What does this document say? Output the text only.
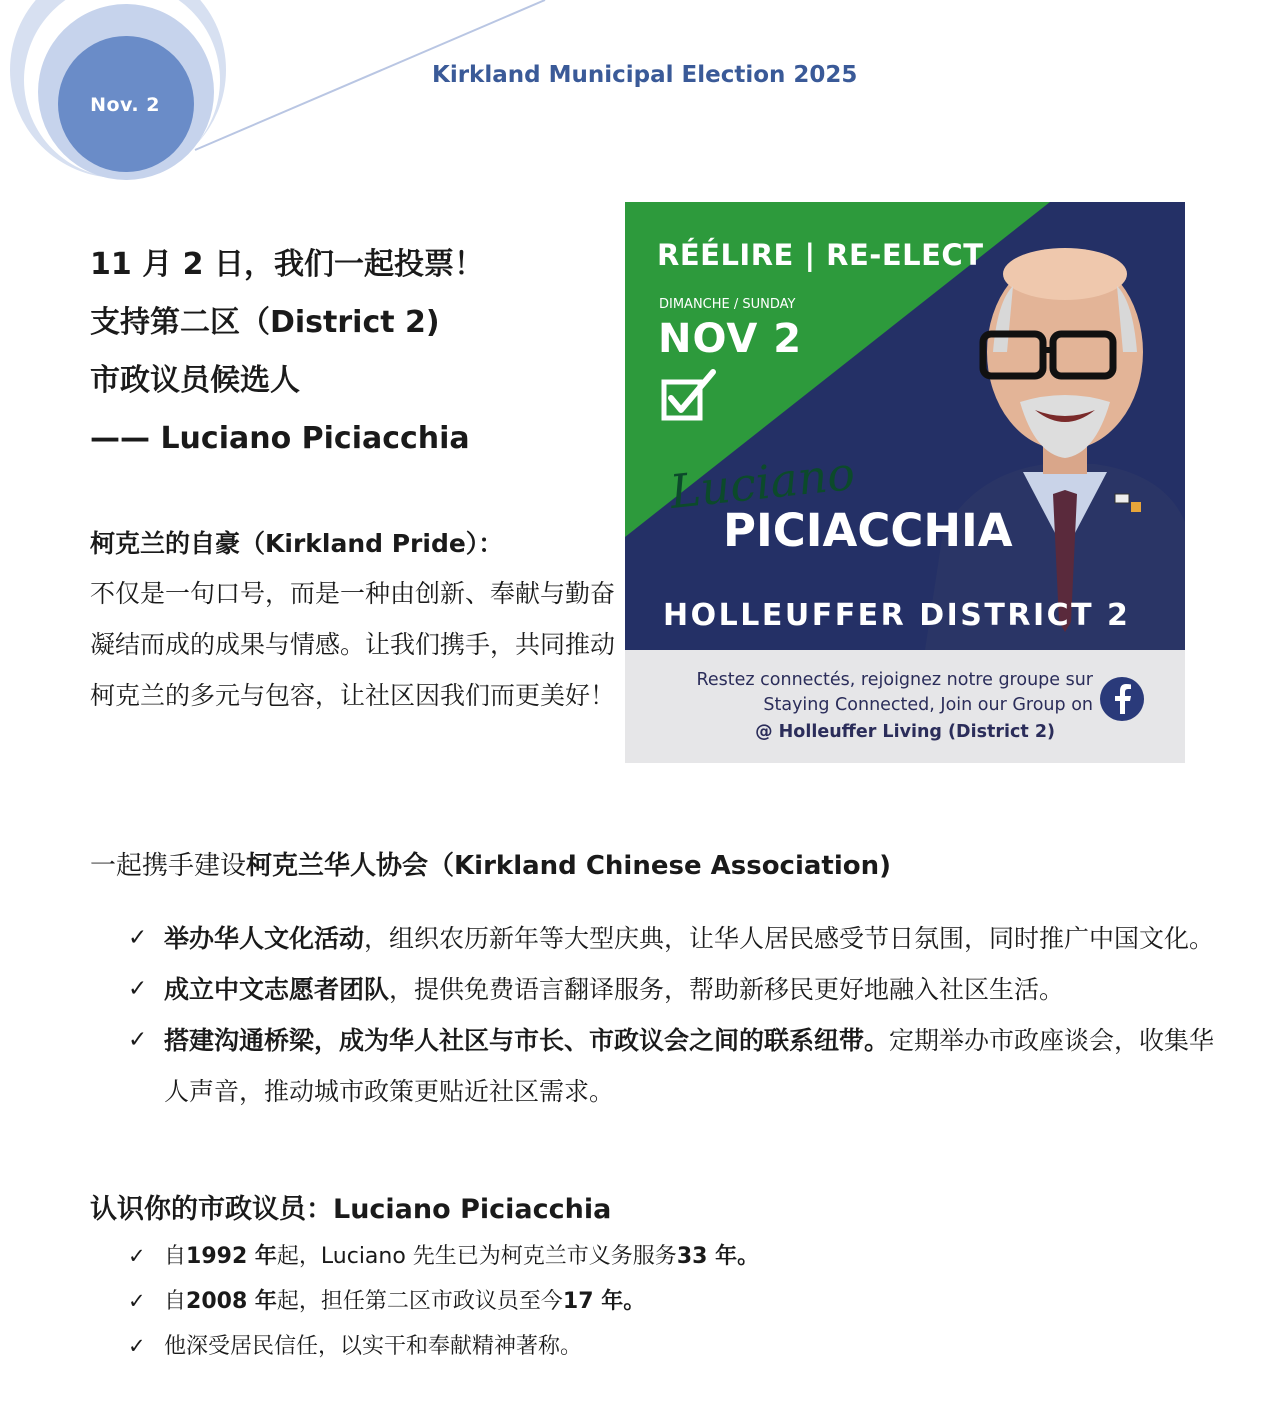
Nov. 2
Kirkland Municipal Election 2025
11 月 2 日，我们一起投票！
支持第二区（District 2)
市政议员候选人
—— Luciano Piciacchia
柯克兰的自豪（Kirkland Pride）：
不仅是一句口号，而是一种由创新、奉献与勤奋凝结而成的成果与情感。让我们携手，共同推动柯克兰的多元与包容，让社区因我们而更美好！
RÉÉLIRE | RE-ELECT
DIMANCHE / SUNDAY
NOV 2
Luciano
PICIACCHIA
HOLLEUFFER DISTRICT 2
Restez connectés, rejoignez notre groupe sur
Staying Connected, Join our Group on
@ Holleuffer Living (District 2)
一起携手建设柯克兰华人协会（Kirkland Chinese Association)
✓ 举办华人文化活动，组织农历新年等大型庆典，让华人居民感受节日氛围，同时推广中国文化。
✓ 成立中文志愿者团队，提供免费语言翻译服务，帮助新移民更好地融入社区生活。
✓ 搭建沟通桥梁，成为华人社区与市长、市政议会之间的联系纽带。定期举办市政座谈会，收集华人声音，推动城市政策更贴近社区需求。
认识你的市政议员：Luciano Piciacchia
✓ 自 1992 年 起，Luciano 先生已为柯克兰市义务服务 33 年。
✓ 自 2008 年 起，担任第二区市政议员至今 17 年。
✓ 他深受居民信任，以实干和奉献精神著称。
